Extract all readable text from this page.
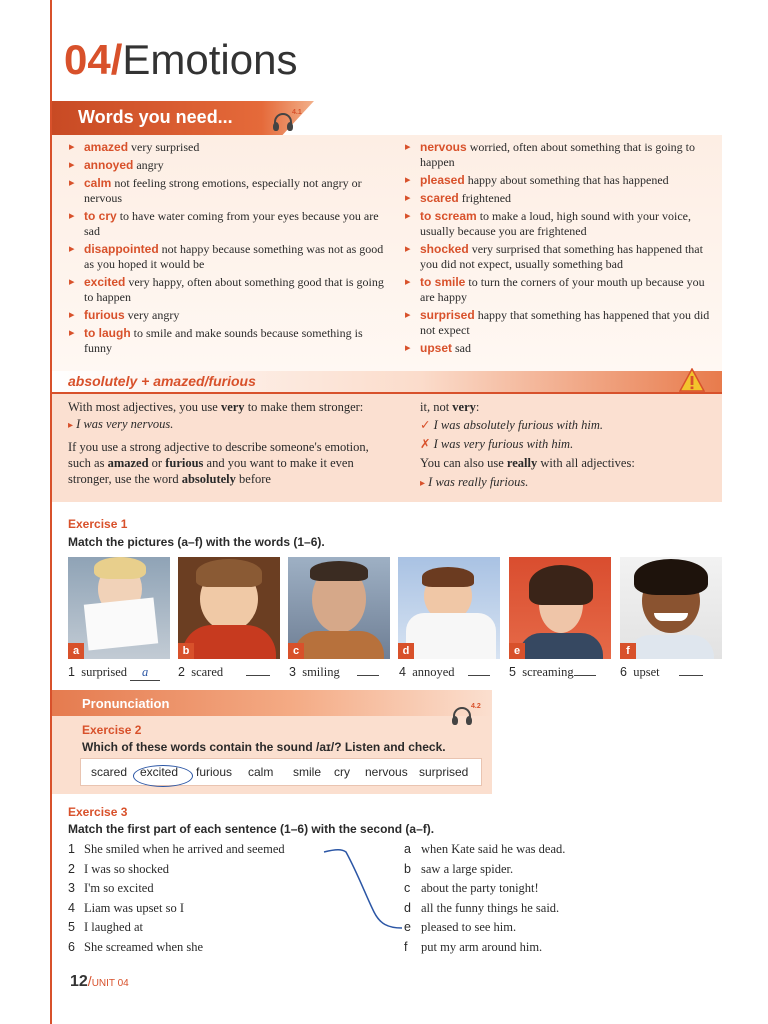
04/Emotions
Words you need...	4.1
▸ amazed very surprised
▸ annoyed angry
▸ calm not feeling strong emotions, especially not angry or nervous
▸ to cry to have water coming from your eyes because you are sad
▸ disappointed not happy because something was not as good as you hoped it would be
▸ excited very happy, often about something good that is going to happen
▸ furious very angry
▸ to laugh to smile and make sounds because something is funny
▸ nervous worried, often about something that is going to happen
▸ pleased happy about something that has happened
▸ scared frightened
▸ to scream to make a loud, high sound with your voice, usually because you are frightened
▸ shocked very surprised that something has happened that you did not expect, usually something bad
▸ to smile to turn the corners of your mouth up because you are happy
▸ surprised happy that something has happened that you did not expect
▸ upset sad
absolutely + amazed/furious
With most adjectives, you use very to make them stronger:
▸ I was very nervous.
If you use a strong adjective to describe someone's emotion, such as amazed or furious and you want to make it even stronger, use the word absolutely before
it, not very:
✓ I was absolutely furious with him.
✗ I was very furious with him.
You can also use really with all adjectives:
▸ I was really furious.
Exercise 1
Match the pictures (a–f) with the words (1–6).
a	b	c	d	e	f
1 surprised a	2 scared	3 smiling	4 annoyed	5 screaming	6 upset
Pronunciation	4.2
Exercise 2
Which of these words contain the sound /aɪ/? Listen and check.
scared excited furious calm smile cry nervous surprised
Exercise 3
Match the first part of each sentence (1–6) with the second (a–f).
1 She smiled when he arrived and seemed
2 I was so shocked
3 I'm so excited
4 Liam was upset so I
5 I laughed at
6 She screamed when she
a when Kate said he was dead.
b saw a large spider.
c about the party tonight!
d all the funny things he said.
e pleased to see him.
f put my arm around him.
12/UNIT 04
